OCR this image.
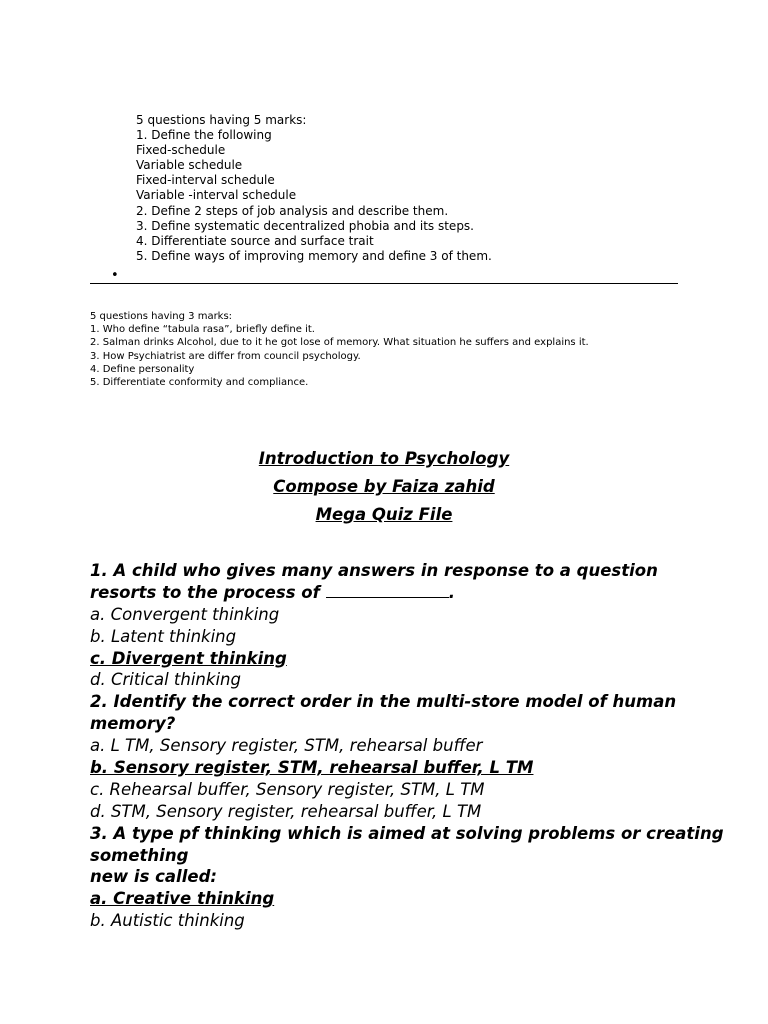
5 questions having 5 marks:
1. Define the following
Fixed-schedule
Variable schedule
Fixed-interval schedule
Variable -interval schedule
2. Define 2 steps of job analysis and describe them.
3. Define systematic decentralized phobia and its steps.
4. Differentiate source and surface trait
5. Define ways of improving memory and define 3 of them.
•
5 questions having 3 marks:
1. Who define “tabula rasa”, briefly define it.
2. Salman drinks Alcohol, due to it he got lose of memory. What situation he suffers and explains it.
3. How Psychiatrist are differ from council psychology.
4. Define personality
5. Differentiate conformity and compliance.
Introduction to Psychology
Compose by Faiza zahid
Mega Quiz File
1. A child who gives many answers in response to a question
resorts to the process of	.
a. Convergent thinking
b. Latent thinking
c. Divergent thinking
d. Critical thinking
2. Identify the correct order in the multi-store model of human
memory?
a. L TM, Sensory register, STM, rehearsal buffer
b. Sensory register, STM, rehearsal buffer, L TM
c. Rehearsal buffer, Sensory register, STM, L TM
d. STM, Sensory register, rehearsal buffer, L TM
3. A type pf thinking which is aimed at solving problems or creating
something
new is called:
a. Creative thinking
b. Autistic thinking
